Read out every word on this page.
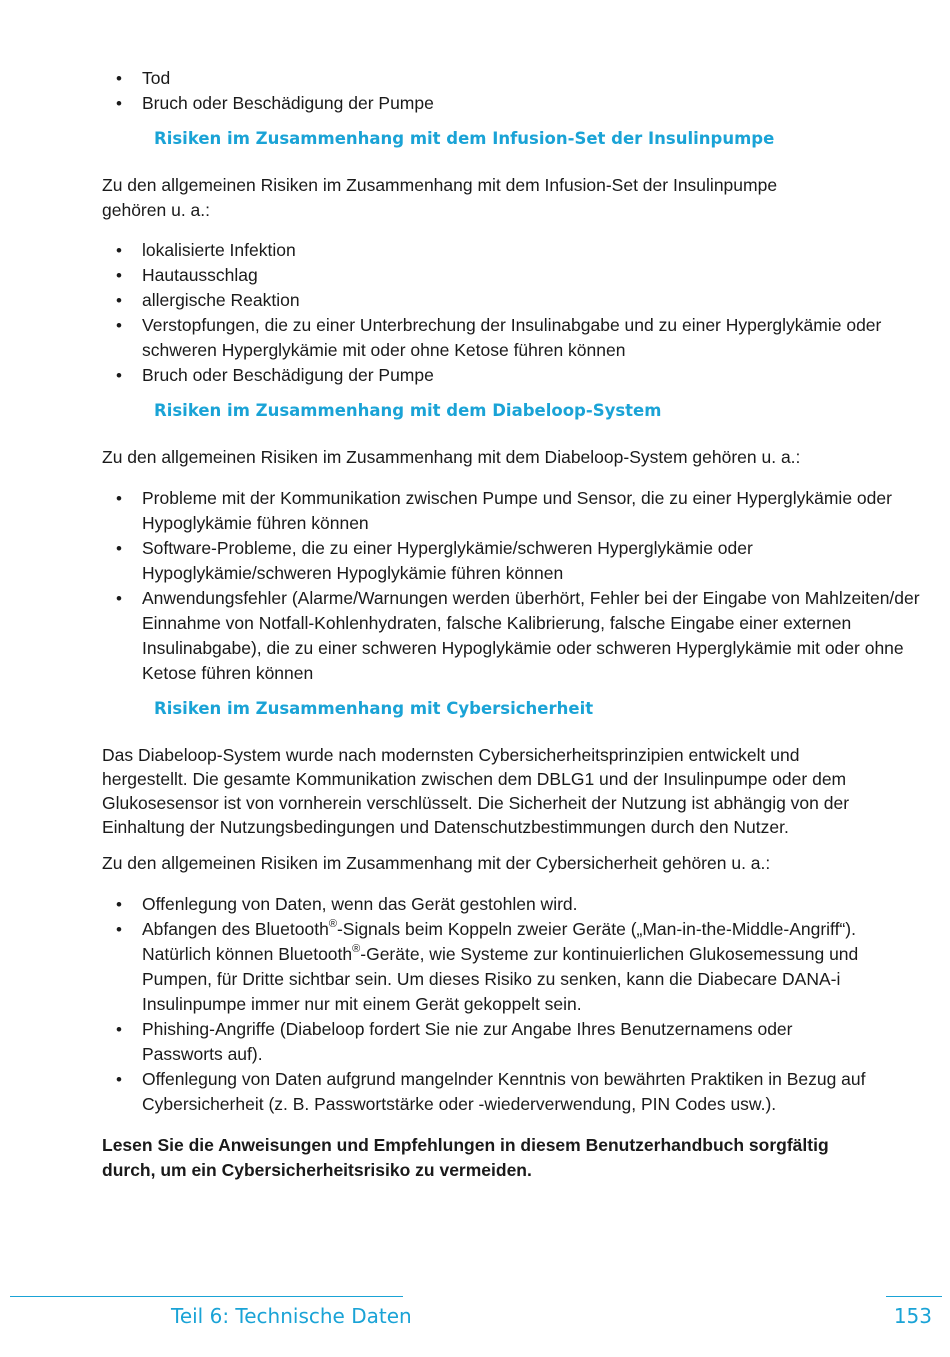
• Tod
• Bruch oder Beschädigung der Pumpe
Risiken im Zusammenhang mit dem Infusion-Set der Insulinpumpe

Zu den allgemeinen Risiken im Zusammenhang mit dem Infusion-Set der Insulinpumpe gehören u. a.:

• lokalisierte Infektion
• Hautausschlag
• allergische Reaktion
• Verstopfungen, die zu einer Unterbrechung der Insulinabgabe und zu einer Hyperglykämie oder schweren Hyperglykämie mit oder ohne Ketose führen können
• Bruch oder Beschädigung der Pumpe
Risiken im Zusammenhang mit dem Diabeloop-System

Zu den allgemeinen Risiken im Zusammenhang mit dem Diabeloop-System gehören u. a.:

• Probleme mit der Kommunikation zwischen Pumpe und Sensor, die zu einer Hyperglykämie oder Hypoglykämie führen können
• Software-Probleme, die zu einer Hyperglykämie/schweren Hyperglykämie oder Hypoglykämie/schweren Hypoglykämie führen können
• Anwendungsfehler (Alarme/Warnungen werden überhört, Fehler bei der Eingabe von Mahlzeiten/der Einnahme von Notfall-Kohlenhydraten, falsche Kalibrierung, falsche Eingabe einer externen Insulinabgabe), die zu einer schweren Hypoglykämie oder schweren Hyperglykämie mit oder ohne Ketose führen können
Risiken im Zusammenhang mit Cybersicherheit

Das Diabeloop-System wurde nach modernsten Cybersicherheitsprinzipien entwickelt und hergestellt. Die gesamte Kommunikation zwischen dem DBLG1 und der Insulinpumpe oder dem Glukosesensor ist von vornherein verschlüsselt. Die Sicherheit der Nutzung ist abhängig von der Einhaltung der Nutzungsbedingungen und Datenschutzbestimmungen durch den Nutzer.

Zu den allgemeinen Risiken im Zusammenhang mit der Cybersicherheit gehören u. a.:

• Offenlegung von Daten, wenn das Gerät gestohlen wird.
• Abfangen des Bluetooth®-Signals beim Koppeln zweier Geräte („Man-in-the-Middle-Angriff“). Natürlich können Bluetooth®-Geräte, wie Systeme zur kontinuierlichen Glukosemessung und Pumpen, für Dritte sichtbar sein. Um dieses Risiko zu senken, kann die Diabecare DANA-i Insulinpumpe immer nur mit einem Gerät gekoppelt sein.
• Phishing-Angriffe (Diabeloop fordert Sie nie zur Angabe Ihres Benutzernamens oder Passworts auf).
• Offenlegung von Daten aufgrund mangelnder Kenntnis von bewährten Praktiken in Bezug auf Cybersicherheit (z. B. Passwortstärke oder -wiederverwendung, PIN Codes usw.).

Lesen Sie die Anweisungen und Empfehlungen in diesem Benutzerhandbuch sorgfältig durch, um ein Cybersicherheitsrisiko zu vermeiden.

Teil 6: Technische Daten	153
